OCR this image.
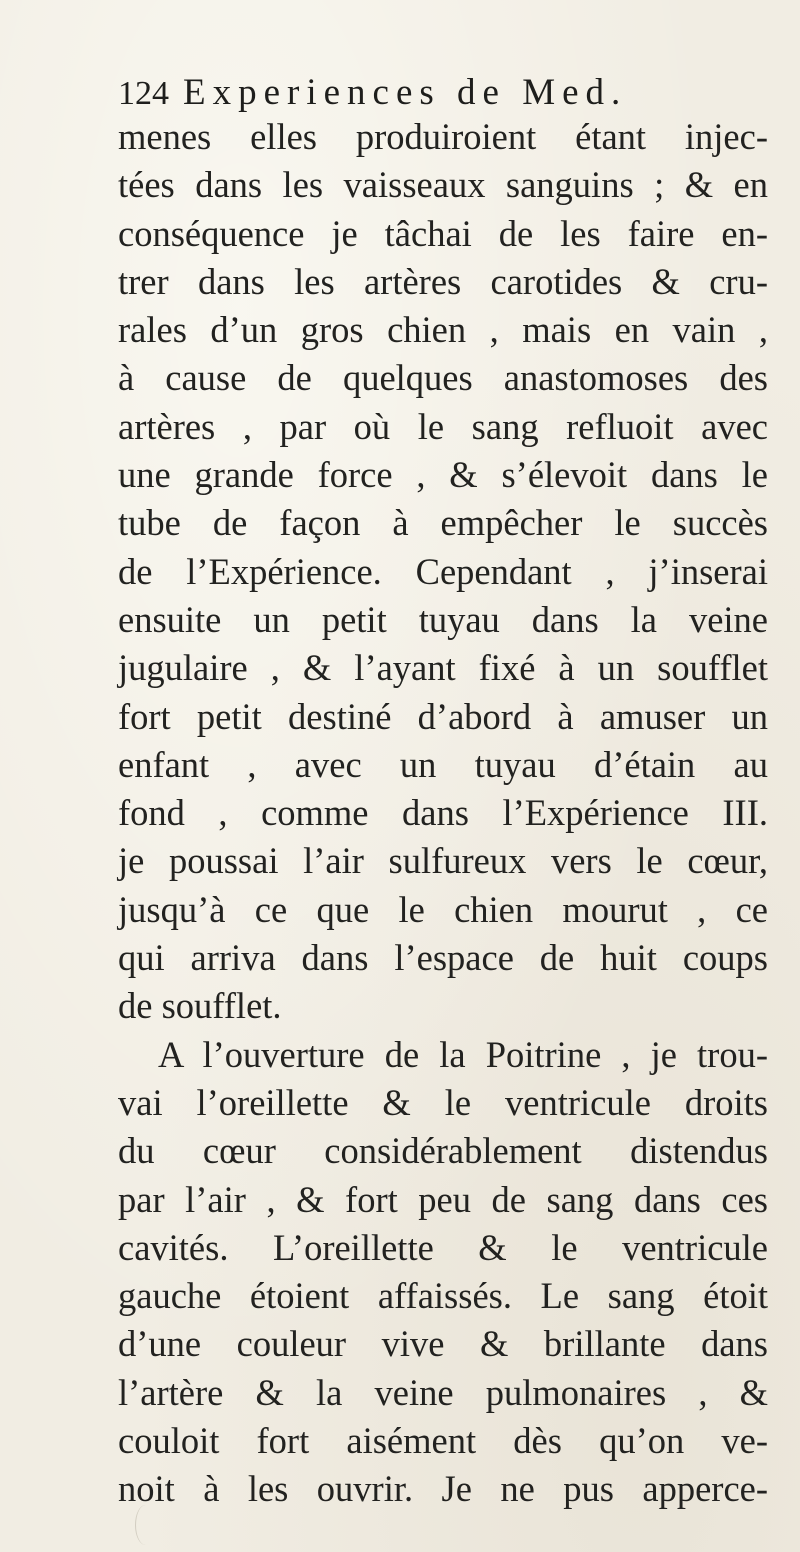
124 Experiences de Med.
menes elles produiroient étant injec-
tées dans les vaisseaux sanguins ; & en
conséquence je tâchai de les faire en-
trer dans les artères carotides & cru-
rales d’un gros chien , mais en vain ,
à cause de quelques anastomoses des
artères , par où le sang refluoit avec
une grande force , & s’élevoit dans le
tube de façon à empêcher le succès
de l’Expérience. Cependant , j’inserai
ensuite un petit tuyau dans la veine
jugulaire , & l’ayant fixé à un soufflet
fort petit destiné d’abord à amuser un
enfant , avec un tuyau d’étain au
fond , comme dans l’Expérience III.
je poussai l’air sulfureux vers le cœur,
jusqu’à ce que le chien mourut , ce
qui arriva dans l’espace de huit coups
de soufflet.
A l’ouverture de la Poitrine , je trou-
vai l’oreillette & le ventricule droits
du cœur considérablement distendus
par l’air , & fort peu de sang dans ces
cavités. L’oreillette & le ventricule
gauche étoient affaissés. Le sang étoit
d’une couleur vive & brillante dans
l’artère & la veine pulmonaires , &
couloit fort aisément dès qu’on ve-
noit à les ouvrir. Je ne pus apperce-
